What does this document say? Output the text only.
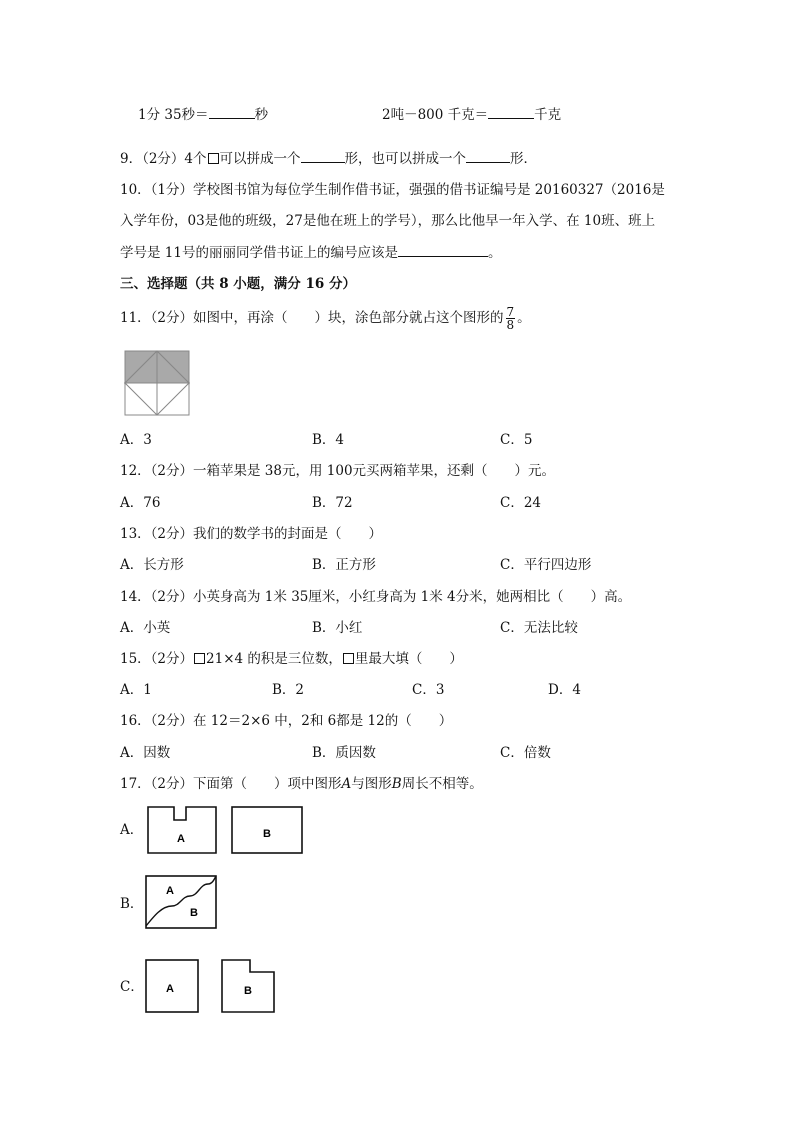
1分 35秒＝	秒	2吨－800 千克＝	千克
9．（2分）4个 可以拼成一个	形，也可以拼成一个	形．
10．（1分）学校图书馆为每位学生制作借书证，强强的借书证编号是 20160327（2016是
入学年份，03是他的班级，27是他在班上的学号），那么比他早一年入学、在 10班、班上
学号是 11号的丽丽同学借书证上的编号应该是	。
三、选择题（共 8 小题，满分 16 分）
11．（2分）如图中，再涂（　　）块，涂色部分就占这个图形的 $\frac{7}{8}$ 。
A．3	B．4	C．5
12．（2分）一箱苹果是 38元，用 100元买两箱苹果，还剩（　　）元。
A．76	B．72	C．24
13．（2分）我们的数学书的封面是（　　）
A．长方形	B．正方形	C．平行四边形
14．（2分）小英身高为 1米 35厘米，小红身高为 1米 4分米，她两相比（　　）高。
A．小英	B．小红	C．无法比较
15．（2分） 21×4 的积是三位数， 里最大填（　　）
A．1	B．2	C．3	D．4
16．（2分）在 12＝2×6 中，2和 6都是 12的（　　）
A．因数	B．质因数	C．倍数
17．（2分）下面第（　　）项中图形A与图形B周长不相等。
A．
A	B
B．
A
B
C． A	B
